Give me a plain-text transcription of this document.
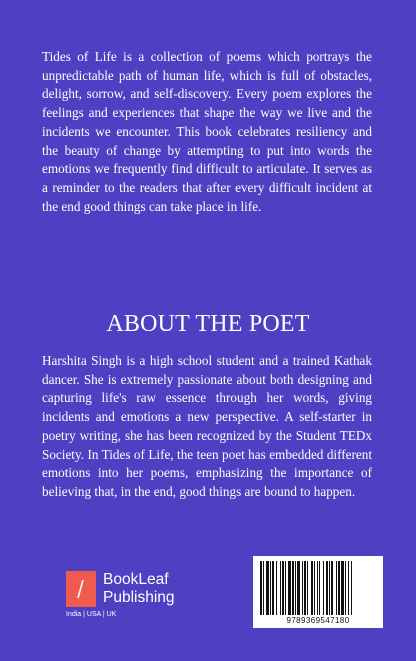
Tides of Life is a collection of poems which portrays the unpredictable path of human life, which is full of obstacles, delight, sorrow, and self-discovery. Every poem explores the feelings and experiences that shape the way we live and the incidents we encounter. This book celebrates resiliency and the beauty of change by attempting to put into words the emotions we frequently find difficult to articulate. It serves as a reminder to the readers that after every difficult incident at the end good things can take place in life.

ABOUT THE POET

Harshita Singh is a high school student and a trained Kathak dancer. She is extremely passionate about both designing and capturing life's raw essence through her words, giving incidents and emotions a new perspective. A self-starter in poetry writing, she has been recognized by the Student TEDx Society. In Tides of Life, the teen poet has embedded different emotions into her poems, emphasizing the importance of believing that, in the end, good things are bound to happen.

BookLeaf
Publishing
India | USA | UK
9789369547180
